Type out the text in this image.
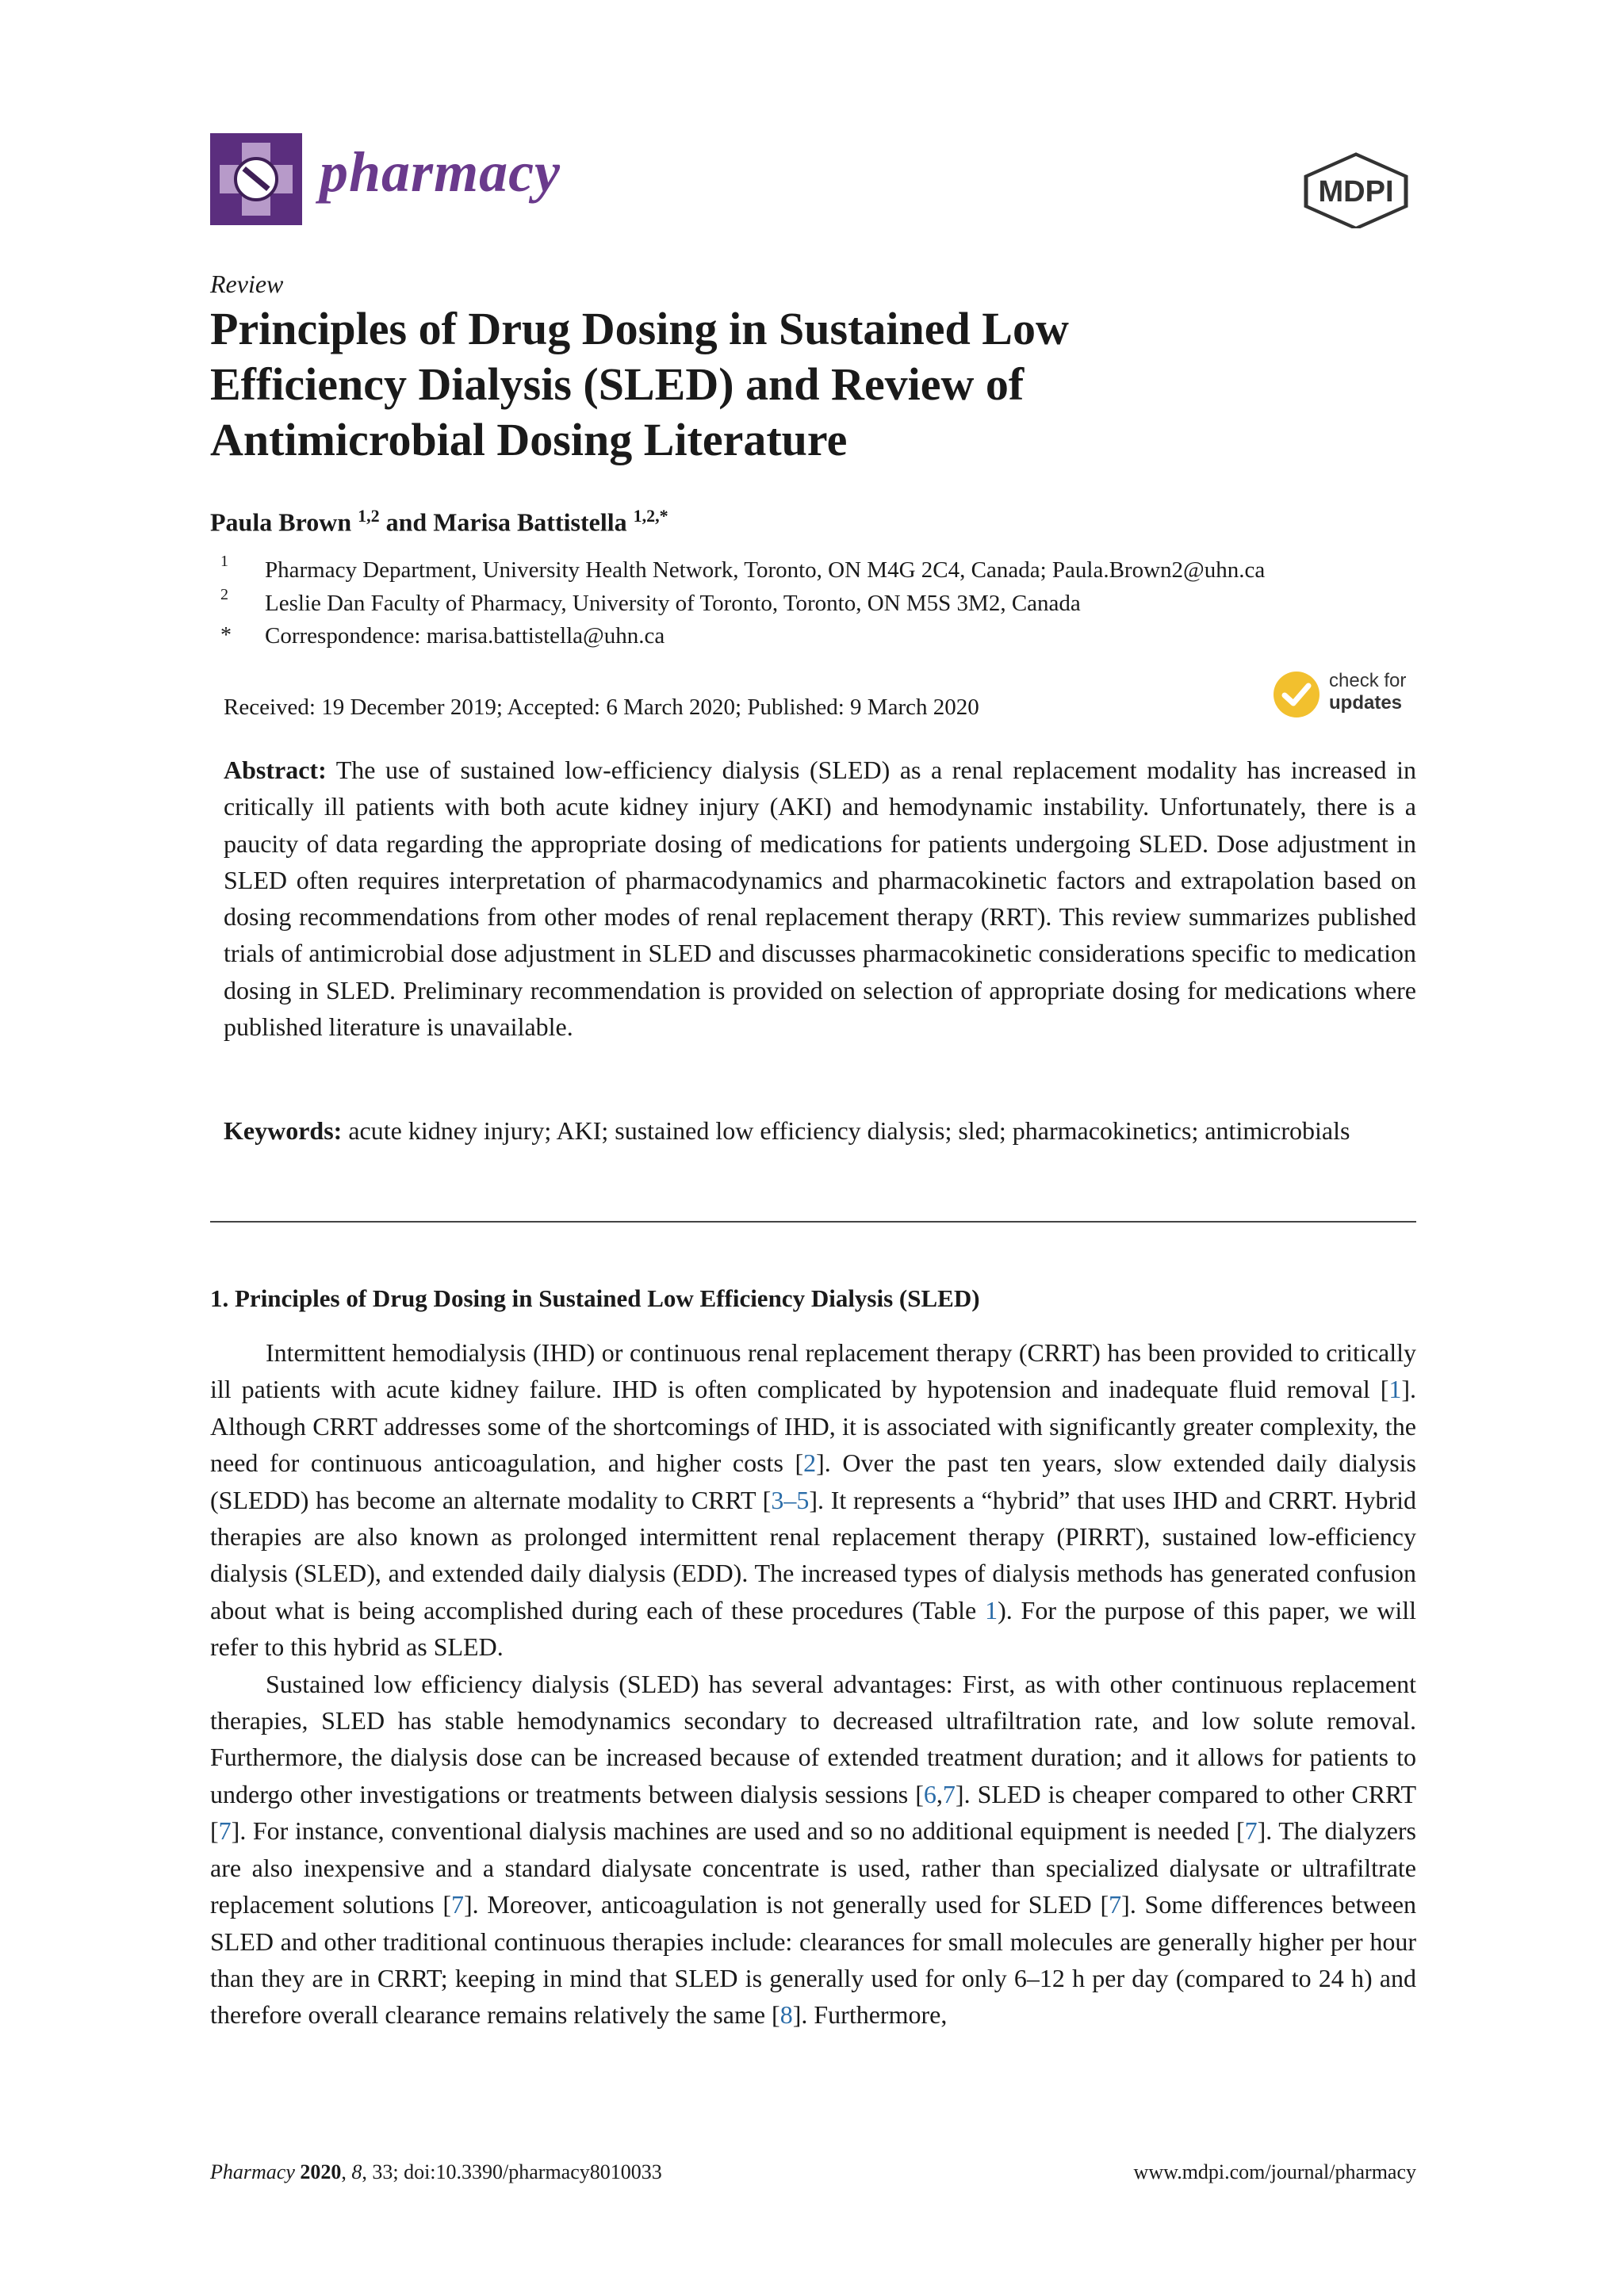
pharmacy	MDPI
Review
Principles of Drug Dosing in Sustained Low
Efficiency Dialysis (SLED) and Review of
Antimicrobial Dosing Literature
Paula Brown $^{1,2}$ and Marisa Battistella $^{1,2,*}$
1 Pharmacy Department, University Health Network, Toronto, ON M4G 2C4, Canada; Paula.Brown2@uhn.ca
2 Leslie Dan Faculty of Pharmacy, University of Toronto, Toronto, ON M5S 3M2, Canada
* Correspondence: marisa.battistella@uhn.ca
Received: 19 December 2019; Accepted: 6 March 2020; Published: 9 March 2020
check for
updates
Abstract: The use of sustained low-efficiency dialysis (SLED) as a renal replacement modality has increased in critically ill patients with both acute kidney injury (AKI) and hemodynamic instability. Unfortunately, there is a paucity of data regarding the appropriate dosing of medications for patients undergoing SLED. Dose adjustment in SLED often requires interpretation of pharmacodynamics and pharmacokinetic factors and extrapolation based on dosing recommendations from other modes of renal replacement therapy (RRT). This review summarizes published trials of antimicrobial dose adjustment in SLED and discusses pharmacokinetic considerations specific to medication dosing in SLED. Preliminary recommendation is provided on selection of appropriate dosing for medications where published literature is unavailable.
Keywords: acute kidney injury; AKI; sustained low efficiency dialysis; sled; pharmacokinetics; antimicrobials
1. Principles of Drug Dosing in Sustained Low Efficiency Dialysis (SLED)

Intermittent hemodialysis (IHD) or continuous renal replacement therapy (CRRT) has been provided to critically ill patients with acute kidney failure. IHD is often complicated by hypotension and inadequate fluid removal [1]. Although CRRT addresses some of the shortcomings of IHD, it is associated with significantly greater complexity, the need for continuous anticoagulation, and higher costs [2]. Over the past ten years, slow extended daily dialysis (SLEDD) has become an alternate modality to CRRT [3–5]. It represents a “hybrid” that uses IHD and CRRT. Hybrid therapies are also known as prolonged intermittent renal replacement therapy (PIRRT), sustained low-efficiency dialysis (SLED), and extended daily dialysis (EDD). The increased types of dialysis methods has generated confusion about what is being accomplished during each of these procedures (Table 1). For the purpose of this paper, we will refer to this hybrid as SLED.

Sustained low efficiency dialysis (SLED) has several advantages: First, as with other continuous replacement therapies, SLED has stable hemodynamics secondary to decreased ultrafiltration rate, and low solute removal. Furthermore, the dialysis dose can be increased because of extended treatment duration; and it allows for patients to undergo other investigations or treatments between dialysis sessions [6,7]. SLED is cheaper compared to other CRRT [7]. For instance, conventional dialysis machines are used and so no additional equipment is needed [7]. The dialyzers are also inexpensive and a standard dialysate concentrate is used, rather than specialized dialysate or ultrafiltrate replacement solutions [7]. Moreover, anticoagulation is not generally used for SLED [7]. Some differences between SLED and other traditional continuous therapies include: clearances for small molecules are generally higher per hour than they are in CRRT; keeping in mind that SLED is generally used for only 6–12 h per day (compared to 24 h) and therefore overall clearance remains relatively the same [8]. Furthermore,

Pharmacy 2020, 8, 33; doi:10.3390/pharmacy8010033	www.mdpi.com/journal/pharmacy
